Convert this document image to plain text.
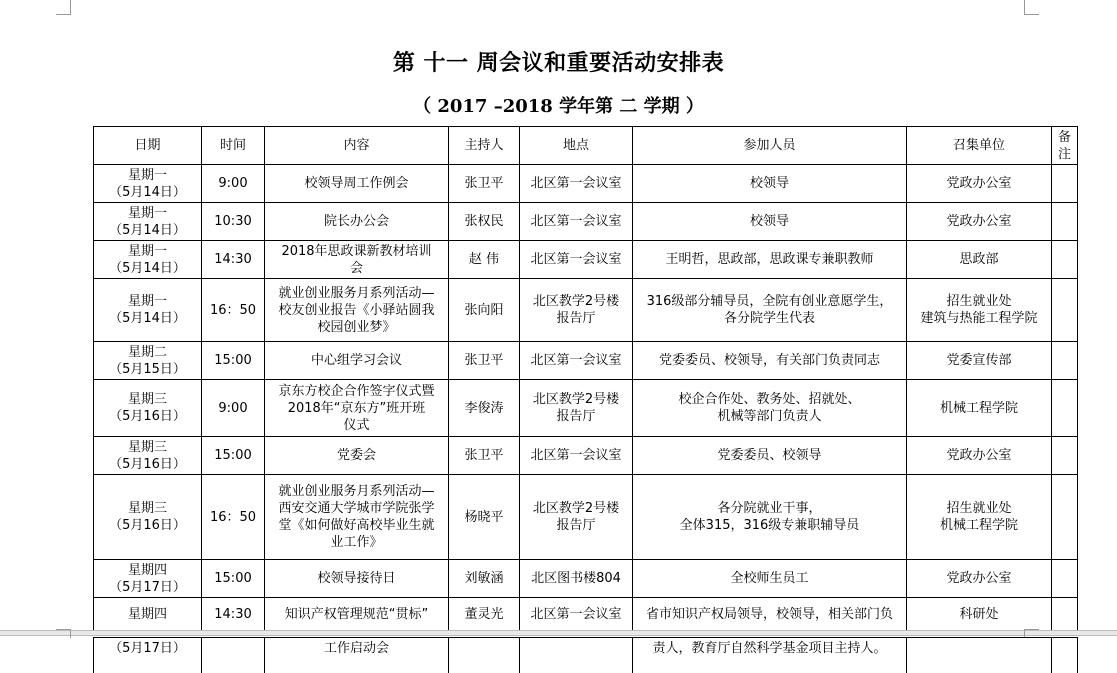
第 十一 周会议和重要活动安排表
（ 2017 –2018 学年第 二 学期 ）
日期	时间	内容	主持人	地点	参加人员	召集单位	备
注
星期一
（5月14日）	9:00	校领导周工作例会	张卫平	北区第一会议室	校领导	党政办公室	
星期一
（5月14日）	10:30	院长办公会	张权民	北区第一会议室	校领导	党政办公室	
星期一
（5月14日）	14:30	2018年思政课新教材培训
会	赵 伟	北区第一会议室	王明哲，思政部，思政课专兼职教师	思政部	
星期一
（5月14日）	16：50	就业创业服务月系列活动—
校友创业报告《小驿站圆我
校园创业梦》	张向阳	北区教学2号楼
报告厅	316级部分辅导员，全院有创业意愿学生，
各分院学生代表	招生就业处
建筑与热能工程学院	
星期二
（5月15日）	15:00	中心组学习会议	张卫平	北区第一会议室	党委委员、校领导，有关部门负责同志	党委宣传部	
星期三
（5月16日）	9:00	京东方校企合作签字仪式暨
2018年“京东方”班开班
仪式	李俊涛	北区教学2号楼
报告厅	校企合作处、教务处、招就处、
机械等部门负责人	机械工程学院	
星期三
（5月16日）	15:00	党委会	张卫平	北区第一会议室	党委委员、校领导	党政办公室	
星期三
（5月16日）	16：50	就业创业服务月系列活动—
西安交通大学城市学院张学
堂《如何做好高校毕业生就
业工作》	杨晓平	北区教学2号楼
报告厅	各分院就业干事，
全体315，316级专兼职辅导员	招生就业处
机械工程学院	
星期四
（5月17日）	15:00	校领导接待日	刘敏涵	北区图书楼804	全校师生员工	党政办公室	
星期四	14:30	知识产权管理规范“贯标”	董灵光	北区第一会议室	省市知识产权局领导，校领导，相关部门负	科研处	
（5月17日）		工作启动会			责人，教育厅自然科学基金项目主持人。		
